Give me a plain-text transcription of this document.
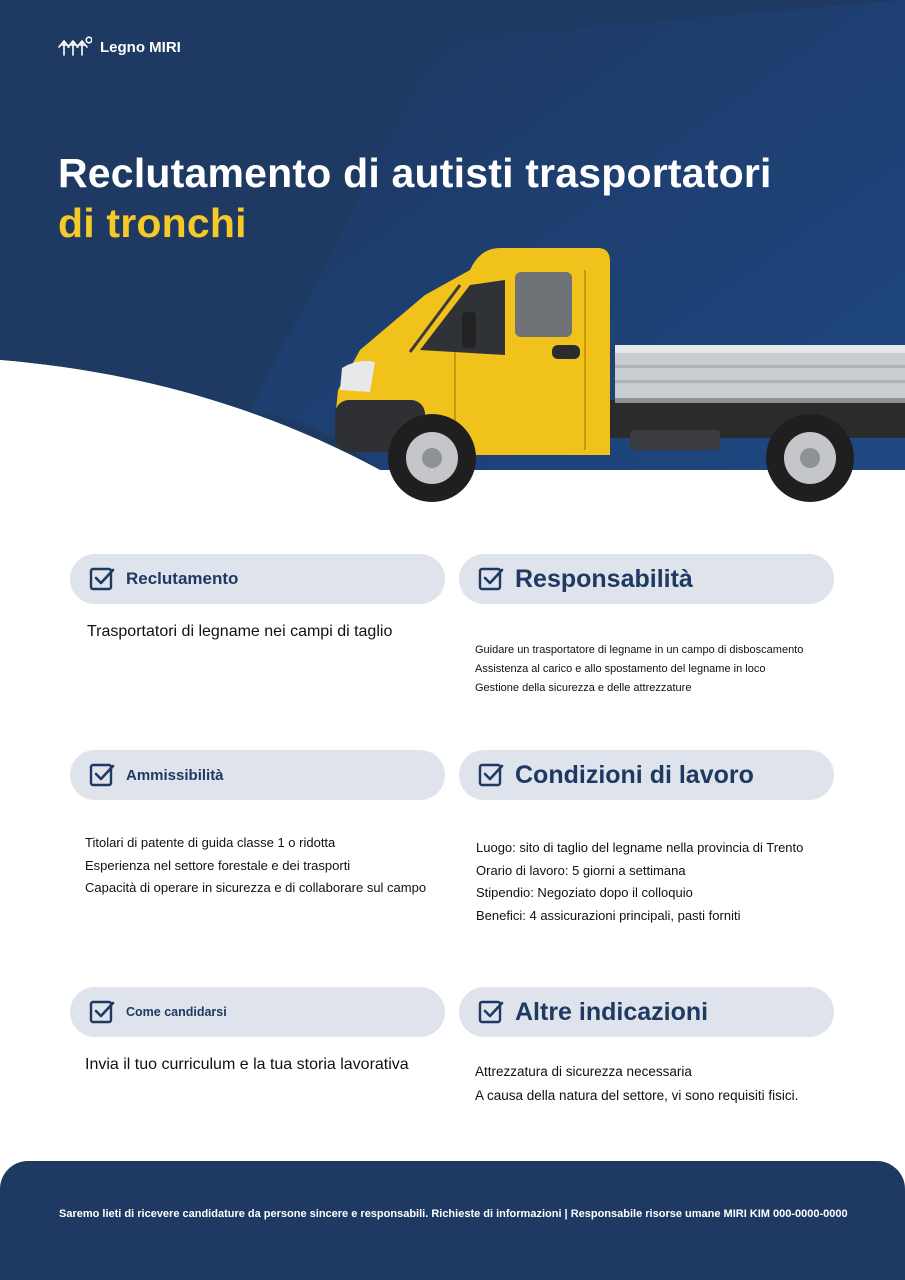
Legno MIRI
Reclutamento di autisti trasportatori
di tronchi
Reclutamento
Trasportatori di legname nei campi di taglio
Responsabilità
Guidare un trasportatore di legname in un campo di disboscamento
Assistenza al carico e allo spostamento del legname in loco
Gestione della sicurezza e delle attrezzature
Ammissibilità
Titolari di patente di guida classe 1 o ridotta
Esperienza nel settore forestale e dei trasporti
Capacità di operare in sicurezza e di collaborare sul campo
Condizioni di lavoro
Luogo: sito di taglio del legname nella provincia di Trento
Orario di lavoro: 5 giorni a settimana
Stipendio: Negoziato dopo il colloquio
Benefici: 4 assicurazioni principali, pasti forniti
Come candidarsi
Invia il tuo curriculum e la tua storia lavorativa
Altre indicazioni
Attrezzatura di sicurezza necessaria
A causa della natura del settore, vi sono requisiti fisici.
Saremo lieti di ricevere candidature da persone sincere e responsabili. Richieste di informazioni | Responsabile risorse umane MIRI KIM 000-0000-0000
